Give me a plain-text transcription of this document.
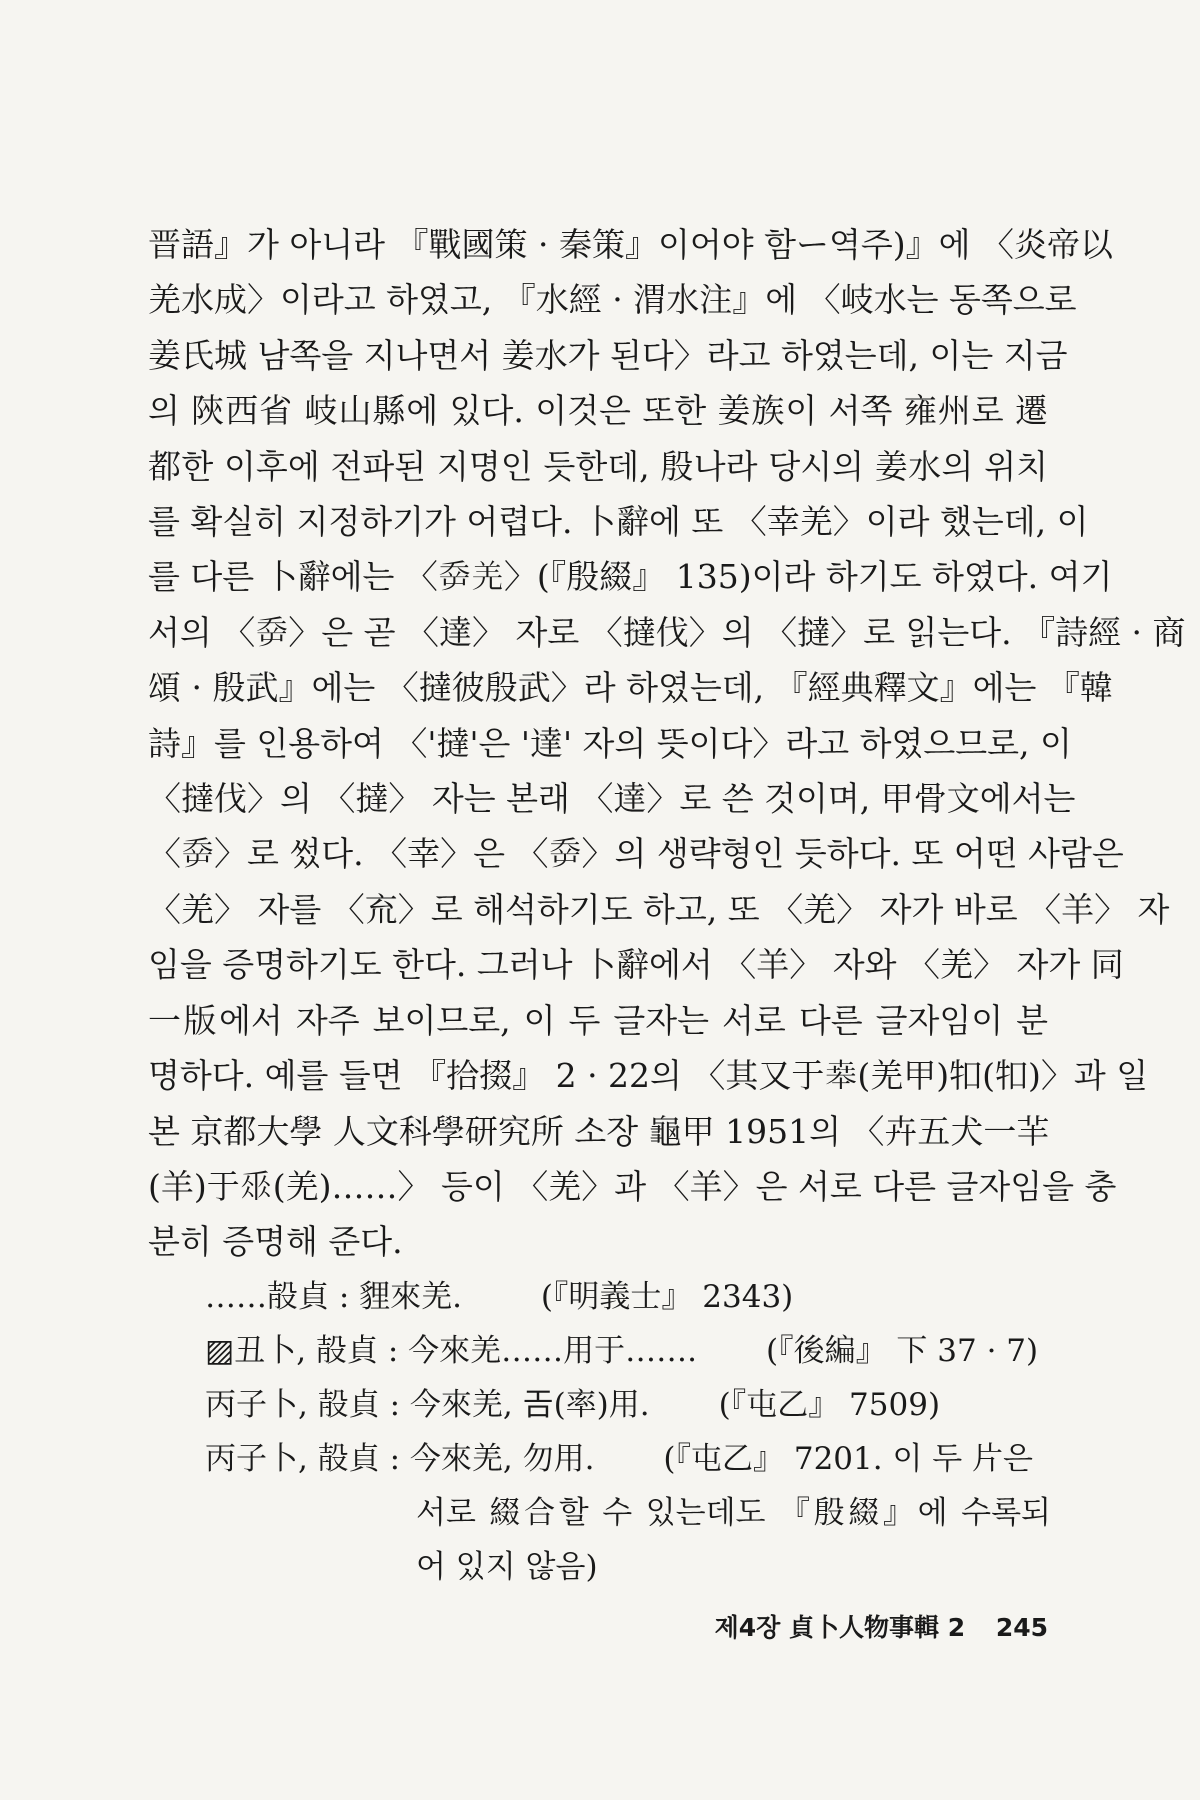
晋語』가 아니라 『戰國策 · 秦策』이어야 함ー역주)』에 〈炎帝以
羌水成〉이라고 하였고, 『水經 · 渭水注』에 〈岐水는 동쪽으로
姜氏城 남쪽을 지나면서 姜水가 된다〉라고 하였는데, 이는 지금
의 陝西省 岐山縣에 있다. 이것은 또한 姜族이 서쪽 雍州로 遷
都한 이후에 전파된 지명인 듯한데, 殷나라 당시의 姜水의 위치
를 확실히 지정하기가 어렵다. 卜辭에 또 〈幸羌〉이라 했는데, 이
를 다른 卜辭에는 〈𡴘羌〉(『殷綴』 135)이라 하기도 하였다. 여기
서의 〈𡴘〉은 곧 〈達〉 자로 〈撻伐〉의 〈撻〉로 읽는다. 『詩經 · 商
頌 · 殷武』에는 〈撻彼殷武〉라 하였는데, 『經典釋文』에는 『韓
詩』를 인용하여 〈'撻'은 '達' 자의 뜻이다〉라고 하였으므로, 이
〈撻伐〉의 〈撻〉 자는 본래 〈達〉로 쓴 것이며, 甲骨文에서는
〈𡴘〉로 썼다. 〈幸〉은 〈𡴘〉의 생략형인 듯하다. 또 어떤 사람은
〈羌〉 자를 〈㐬〉로 해석하기도 하고, 또 〈羌〉 자가 바로 〈羊〉 자
임을 증명하기도 한다. 그러나 卜辭에서 〈羊〉 자와 〈羌〉 자가 同
一版에서 자주 보이므로, 이 두 글자는 서로 다른 글자임이 분
명하다. 예를 들면 『拾掇』 2 · 22의 〈其又于𠦪(羌甲)𤘘(𤘘)〉과 일
본 京都大學 人文科學研究所 소장 龜甲 1951의 〈𠦄五犬一𦍋
(羊)于𠂹(羌)……〉 등이 〈羌〉과 〈羊〉은 서로 다른 글자임을 충
분히 증명해 준다.
…… 㱿貞 : 貍來羌.        (『明義士』 2343)
▨丑卜, 㱿貞 : 今來羌……用于…….       (『後編』 下 37 · 7)
丙子卜, 㱿貞 : 今來羌, 𢀛(率)用.       (『屯乙』 7509)
丙子卜, 㱿貞 : 今來羌, 勿用.       (『屯乙』 7201. 이 두 片은
서로 綴合할 수 있는데도 『殷綴』에 수록되
어 있지 않음)
제4장 貞卜人物事輯 2 245
